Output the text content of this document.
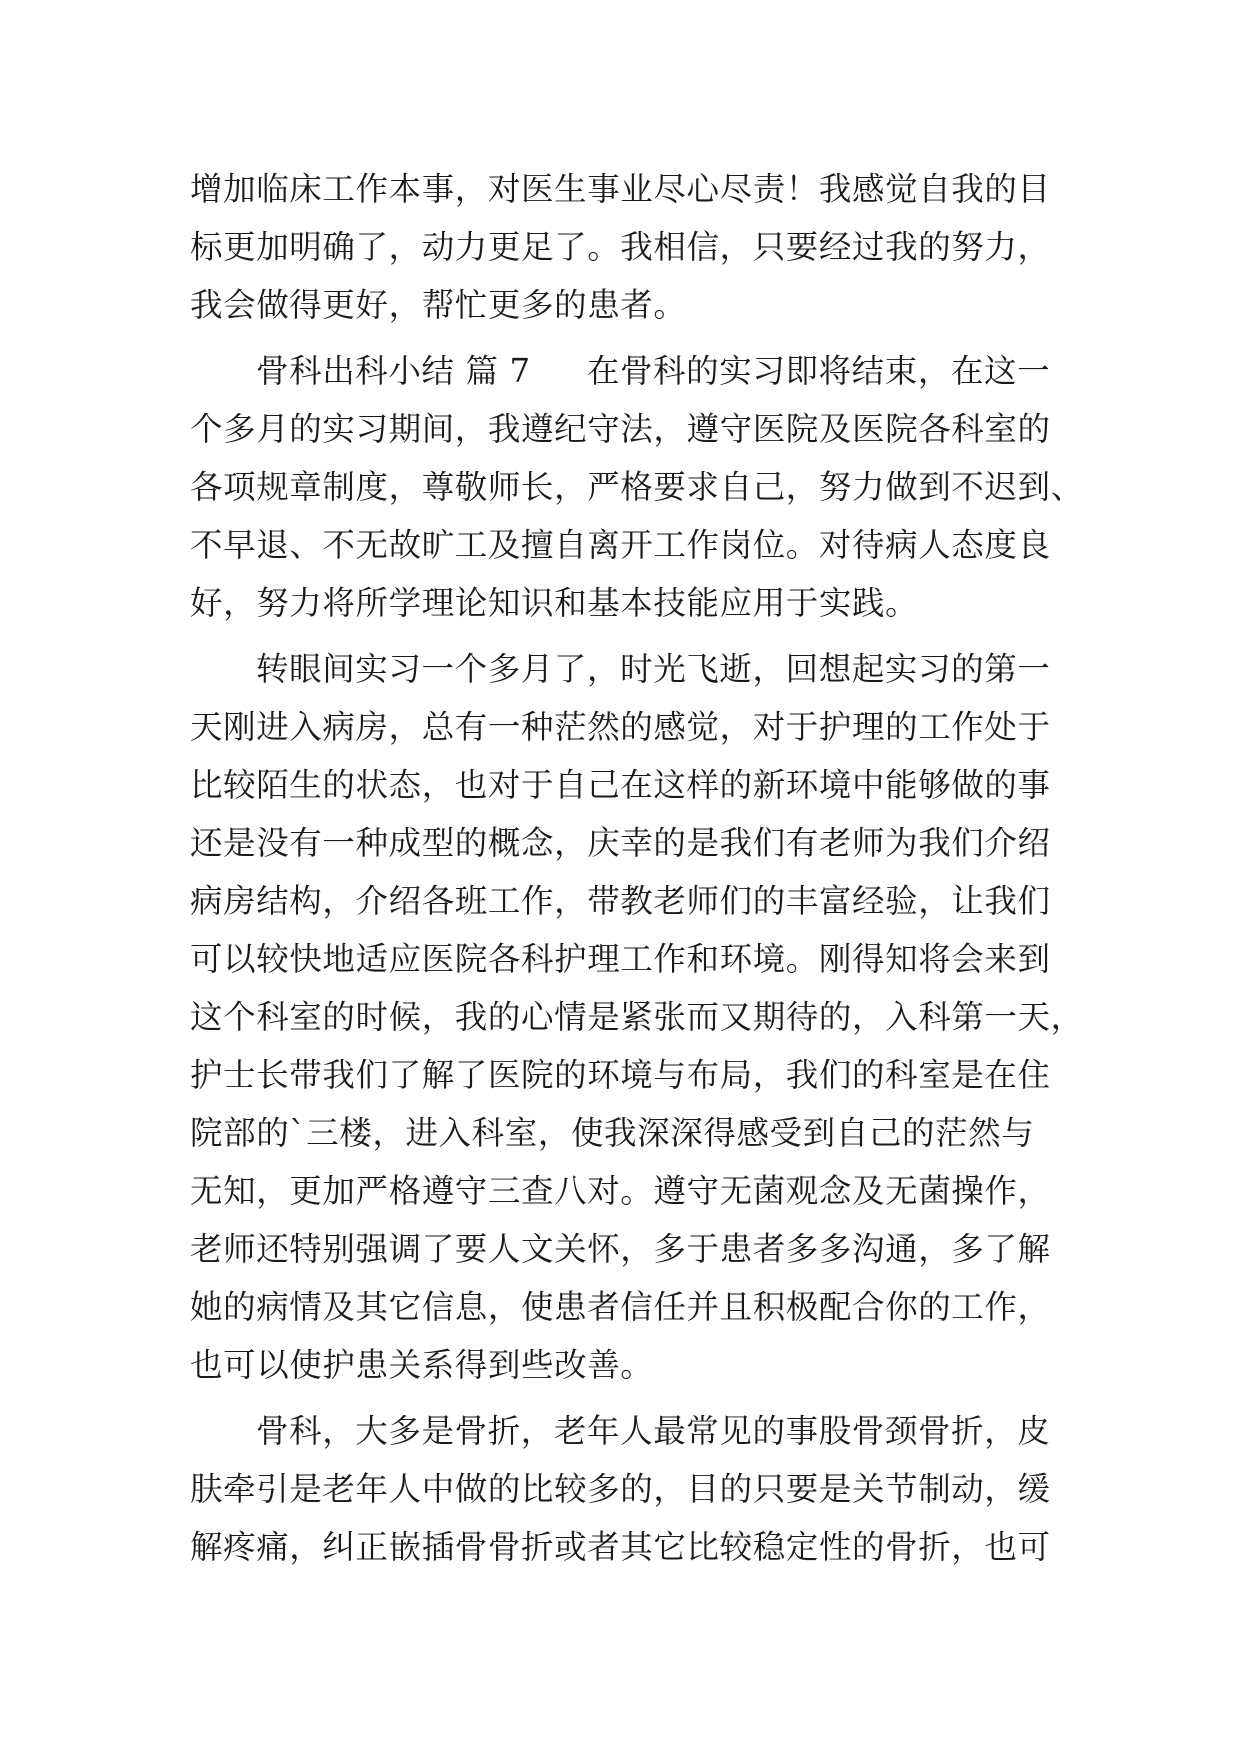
增加临床工作本事，对医生事业尽心尽责！我感觉自我的目
标更加明确了，动力更足了。我相信，只要经过我的努力，
我会做得更好，帮忙更多的患者。
骨科出科小结 篇 7 在骨科的实习即将结束，在这一
个多月的实习期间，我遵纪守法，遵守医院及医院各科室的
各项规章制度，尊敬师长，严格要求自己，努力做到不迟到、
不早退、不无故旷工及擅自离开工作岗位。对待病人态度良
好，努力将所学理论知识和基本技能应用于实践。
转眼间实习一个多月了，时光飞逝，回想起实习的第一
天刚进入病房，总有一种茫然的感觉，对于护理的工作处于
比较陌生的状态，也对于自己在这样的新环境中能够做的事
还是没有一种成型的概念，庆幸的是我们有老师为我们介绍
病房结构，介绍各班工作，带教老师们的丰富经验，让我们
可以较快地适应医院各科护理工作和环境。刚得知将会来到
这个科室的时候，我的心情是紧张而又期待的，入科第一天，
护士长带我们了解了医院的环境与布局，我们的科室是在住
院部的`三楼，进入科室，使我深深得感受到自己的茫然与
无知，更加严格遵守三查八对。遵守无菌观念及无菌操作，
老师还特别强调了要人文关怀，多于患者多多沟通，多了解
她的病情及其它信息，使患者信任并且积极配合你的工作，
也可以使护患关系得到些改善。
骨科，大多是骨折，老年人最常见的事股骨颈骨折，皮
肤牵引是老年人中做的比较多的，目的只要是关节制动，缓
解疼痛，纠正嵌插骨骨折或者其它比较稳定性的骨折，也可
